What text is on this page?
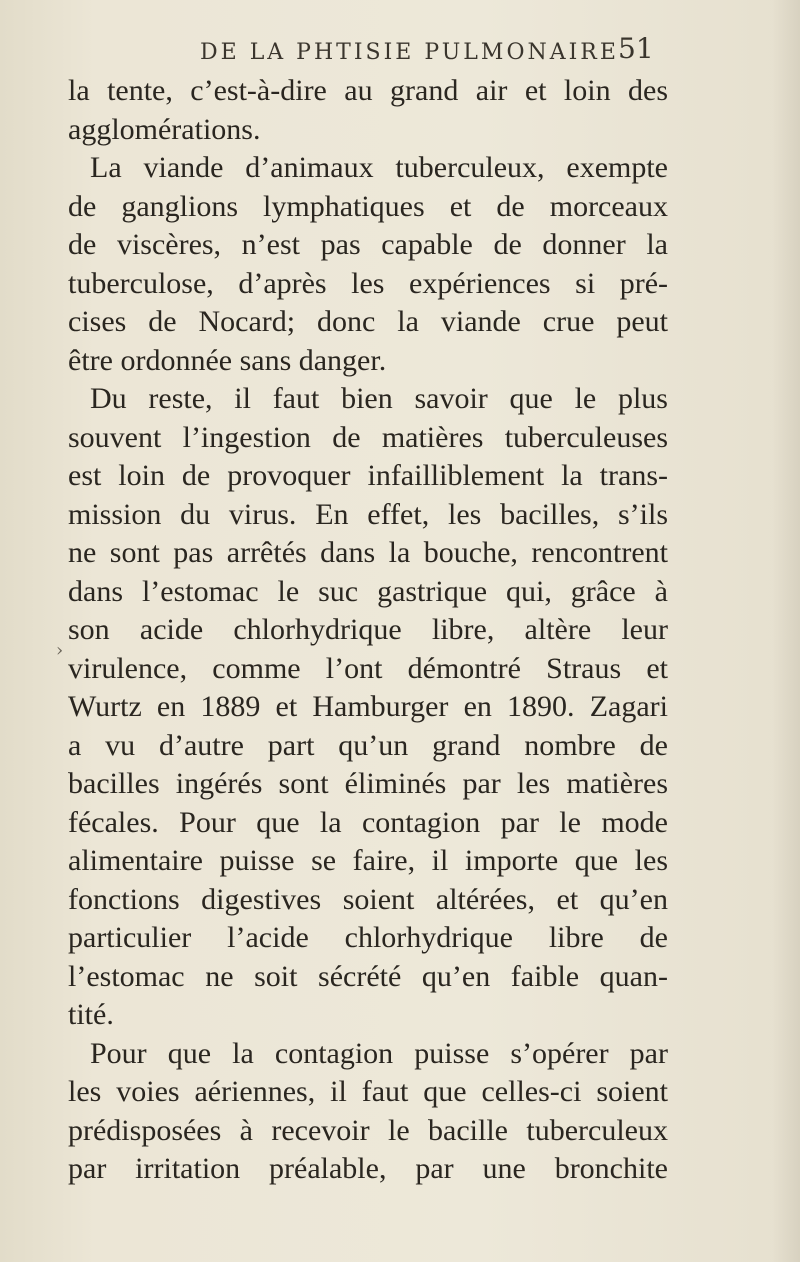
DE LA PHTISIE PULMONAIRE 51
›
la tente, c’est-à-dire au grand air et loin des
agglomérations.
La viande d’animaux tuberculeux, exempte
de ganglions lymphatiques et de morceaux
de viscères, n’est pas capable de donner la
tuberculose, d’après les expériences si pré-
cises de Nocard; donc la viande crue peut
être ordonnée sans danger.
Du reste, il faut bien savoir que le plus
souvent l’ingestion de matières tuberculeuses
est loin de provoquer infailliblement la trans-
mission du virus. En effet, les bacilles, s’ils
ne sont pas arrêtés dans la bouche, rencontrent
dans l’estomac le suc gastrique qui, grâce à
son acide chlorhydrique libre, altère leur
virulence, comme l’ont démontré Straus et
Wurtz en 1889 et Hamburger en 1890. Zagari
a vu d’autre part qu’un grand nombre de
bacilles ingérés sont éliminés par les matières
fécales. Pour que la contagion par le mode
alimentaire puisse se faire, il importe que les
fonctions digestives soient altérées, et qu’en
particulier l’acide chlorhydrique libre de
l’estomac ne soit sécrété qu’en faible quan-
tité.
Pour que la contagion puisse s’opérer par
les voies aériennes, il faut que celles-ci soient
prédisposées à recevoir le bacille tuberculeux
par irritation préalable, par une bronchite
